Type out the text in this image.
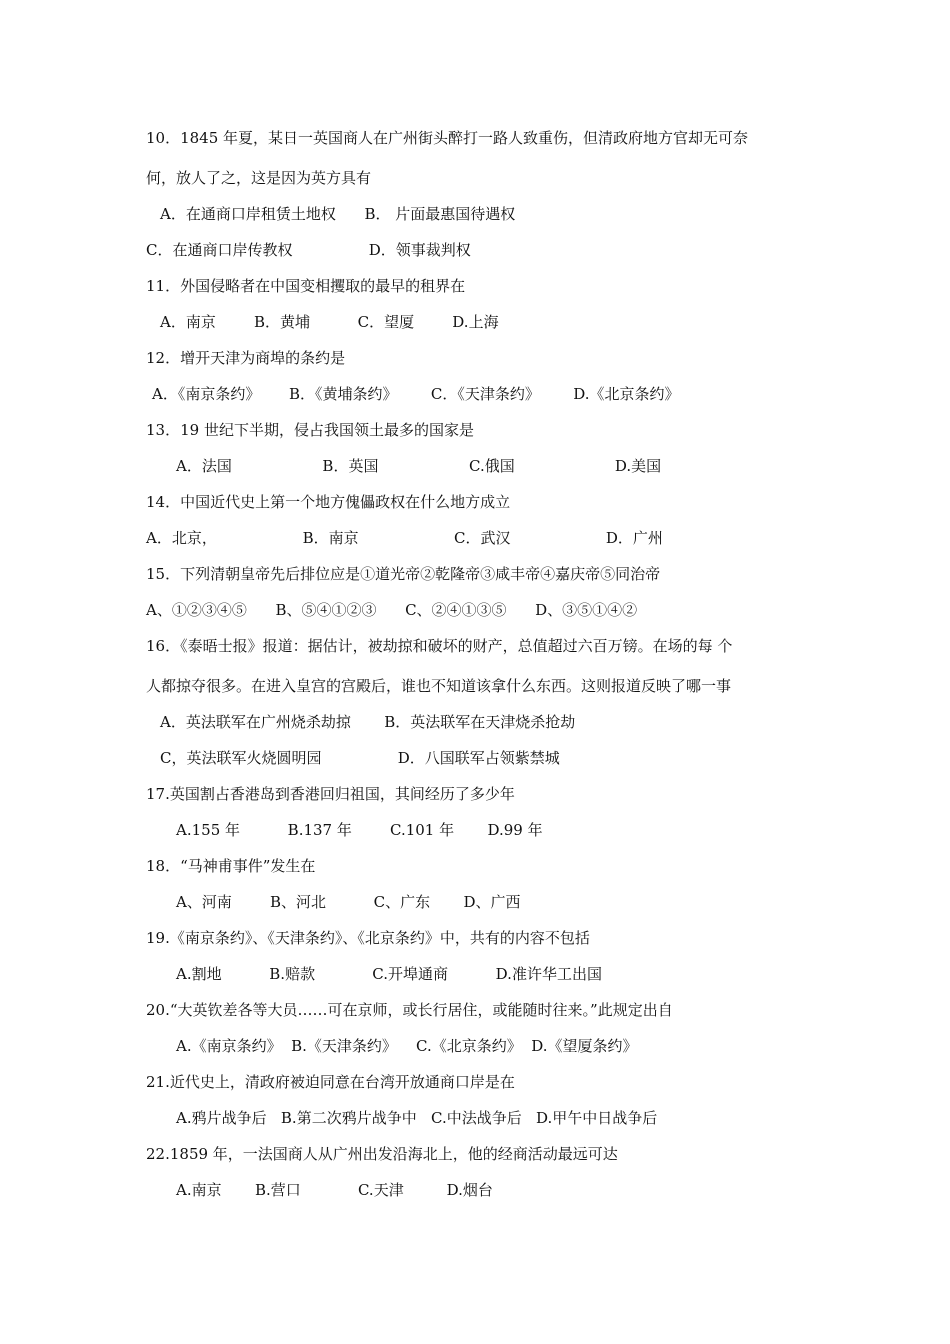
10．1845 年夏，某日一英国商人在广州街头醉打一路人致重伤，但清政府地方官却无可奈
何，放人了之，这是因为英方具有
A．在通商口岸租赁土地权      B． 片面最惠国待遇权
C．在通商口岸传教权                D．领事裁判权
11．外国侵略者在中国变相攫取的最早的租界在
A．南京        B．黄埔          C．望厦        D.上海
12．增开天津为商埠的条约是
A．《南京条约》      B．《黄埔条约》       C．《天津条约》       D.《北京条约》
13．19 世纪下半期，侵占我国领土最多的国家是
A．法国                   B．英国                   C.俄国                     D.美国
14．中国近代史上第一个地方傀儡政权在什么地方成立
A．北京，                  B．南京                    C．武汉                    D．广州
15．下列清朝皇帝先后排位应是①道光帝②乾隆帝③咸丰帝④嘉庆帝⑤同治帝
A、①②③④⑤      B、⑤④①②③      C、②④①③⑤      D、③⑤①④②
16．《泰晤士报》报道：据估计，被劫掠和破坏的财产，总值超过六百万镑。在场的每 个
人都掠夺很多。在进入皇宫的宫殿后，谁也不知道该拿什么东西。这则报道反映了哪一事
A．英法联军在广州烧杀劫掠       B．英法联军在天津烧杀抢劫
C，英法联军火烧圆明园                D．八国联军占领紫禁城
17.英国割占香港岛到香港回归祖国，其间经历了多少年
A.155 年          B.137 年        C.101 年       D.99 年
18．“马神甫事件”发生在
A、河南        B、河北          C、广东       D、广西
19.《南京条约》、《天津条约》、《北京条约》中，共有的内容不包括
A.割地          B.赔款            C.开埠通商          D.准许华工出国
20.“大英钦差各等大员……可在京师，或长行居住，或能随时往来。”此规定出自
A.《南京条约》  B.《天津条约》    C.《北京条约》  D.《望厦条约》
21.近代史上，清政府被迫同意在台湾开放通商口岸是在
A.鸦片战争后   B.第二次鸦片战争中   C.中法战争后   D.甲午中日战争后
22.1859 年，一法国商人从广州出发沿海北上，他的经商活动最远可达
A.南京       B.营口            C.天津         D.烟台
